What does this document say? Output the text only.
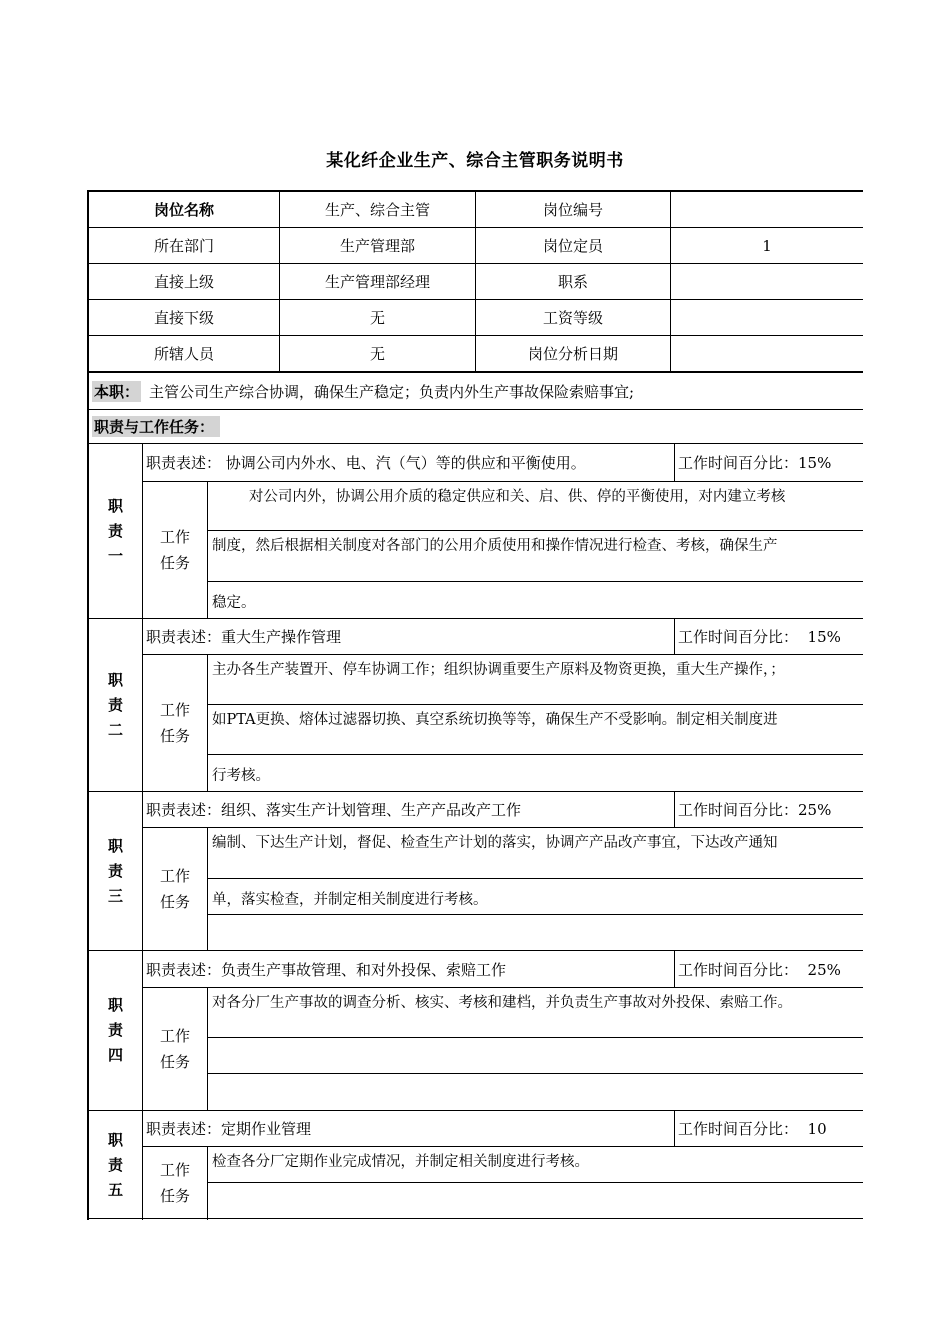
某化纤企业生产、综合主管职务说明书
岗位名称	生产、综合主管	岗位编号
所在部门	生产管理部	岗位定员	1
直接上级	生产管理部经理	职系
直接下级	无	工资等级
所辖人员	无	岗位分析日期
本职： 主管公司生产综合协调，确保生产稳定；负责内外生产事故保险索赔事宜;
职责与工作任务：
职
责
一
职责表述： 协调公司内外水、电、汽（气）等的供应和平衡使用。	工作时间百分比：15%
工作
任务
对公司内外，协调公用介质的稳定供应和关、启、供、停的平衡使用，对内建立考核
制度，然后根据相关制度对各部门的公用介质使用和操作情况进行检查、考核，确保生产
稳定。
职
责
二
职责表述：重大生产操作管理	工作时间百分比：  15%
工作
任务
主办各生产装置开、停车协调工作；组织协调重要生产原料及物资更换，重大生产操作，；
如PTA更换、熔体过滤器切换、真空系统切换等等，确保生产不受影响。制定相关制度进
行考核。
职
责
三
职责表述：组织、落实生产计划管理、生产产品改产工作	工作时间百分比：25%
工作
任务
编制、下达生产计划，督促、检查生产计划的落实，协调产产品改产事宜，下达改产通知
单，落实检查，并制定相关制度进行考核。
职
责
四
职责表述：负责生产事故管理、和对外投保、索赔工作	工作时间百分比：  25%
工作
任务
对各分厂生产事故的调查分析、核实、考核和建档，并负责生产事故对外投保、索赔工作。
职
责
五
职责表述：定期作业管理	工作时间百分比：  10
工作
任务
检查各分厂定期作业完成情况，并制定相关制度进行考核。
